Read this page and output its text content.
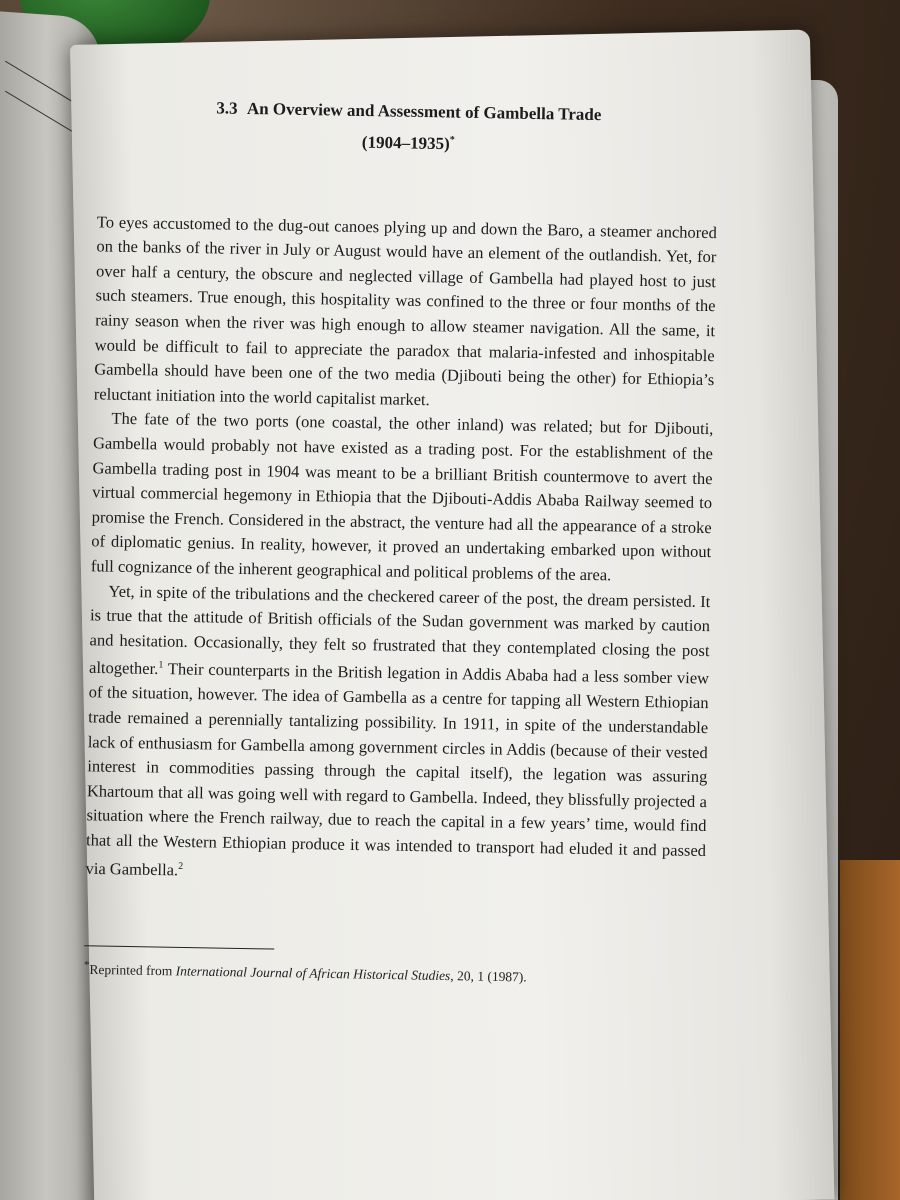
3.3 An Overview and Assessment of Gambella Trade
(1904–1935)*

To eyes accustomed to the dug-out canoes plying up and down the Baro, a steamer anchored on the banks of the river in July or August would have an element of the outlandish. Yet, for over half a century, the obscure and neglected village of Gambella had played host to just such steamers. True enough, this hospitality was confined to the three or four months of the rainy season when the river was high enough to allow steamer navigation. All the same, it would be difficult to fail to appreciate the paradox that malaria-infested and inhospitable Gambella should have been one of the two media (Djibouti being the other) for Ethiopia’s reluctant initiation into the world capitalist market.

The fate of the two ports (one coastal, the other inland) was related; but for Djibouti, Gambella would probably not have existed as a trading post. For the establishment of the Gambella trading post in 1904 was meant to be a brilliant British countermove to avert the virtual commercial hegemony in Ethiopia that the Djibouti-Addis Ababa Railway seemed to promise the French. Considered in the abstract, the venture had all the appearance of a stroke of diplomatic genius. In reality, however, it proved an undertaking embarked upon without full cognizance of the inherent geographical and political problems of the area.

Yet, in spite of the tribulations and the checkered career of the post, the dream persisted. It is true that the attitude of British officials of the Sudan government was marked by caution and hesitation. Occasionally, they felt so frustrated that they contemplated closing the post altogether.$^1$ Their counterparts in the British legation in Addis Ababa had a less somber view of the situation, however. The idea of Gambella as a centre for tapping all Western Ethiopian trade remained a perennially tantalizing possibility. In 1911, in spite of the understandable lack of enthusiasm for Gambella among government circles in Addis (because of their vested interest in commodities passing through the capital itself), the legation was assuring Khartoum that all was going well with regard to Gambella. Indeed, they blissfully projected a situation where the French railway, due to reach the capital in a few years’ time, would find that all the Western Ethiopian produce it was intended to transport had eluded it and passed via Gambella.$^2$

*Reprinted from International Journal of African Historical Studies, 20, 1 (1987).
